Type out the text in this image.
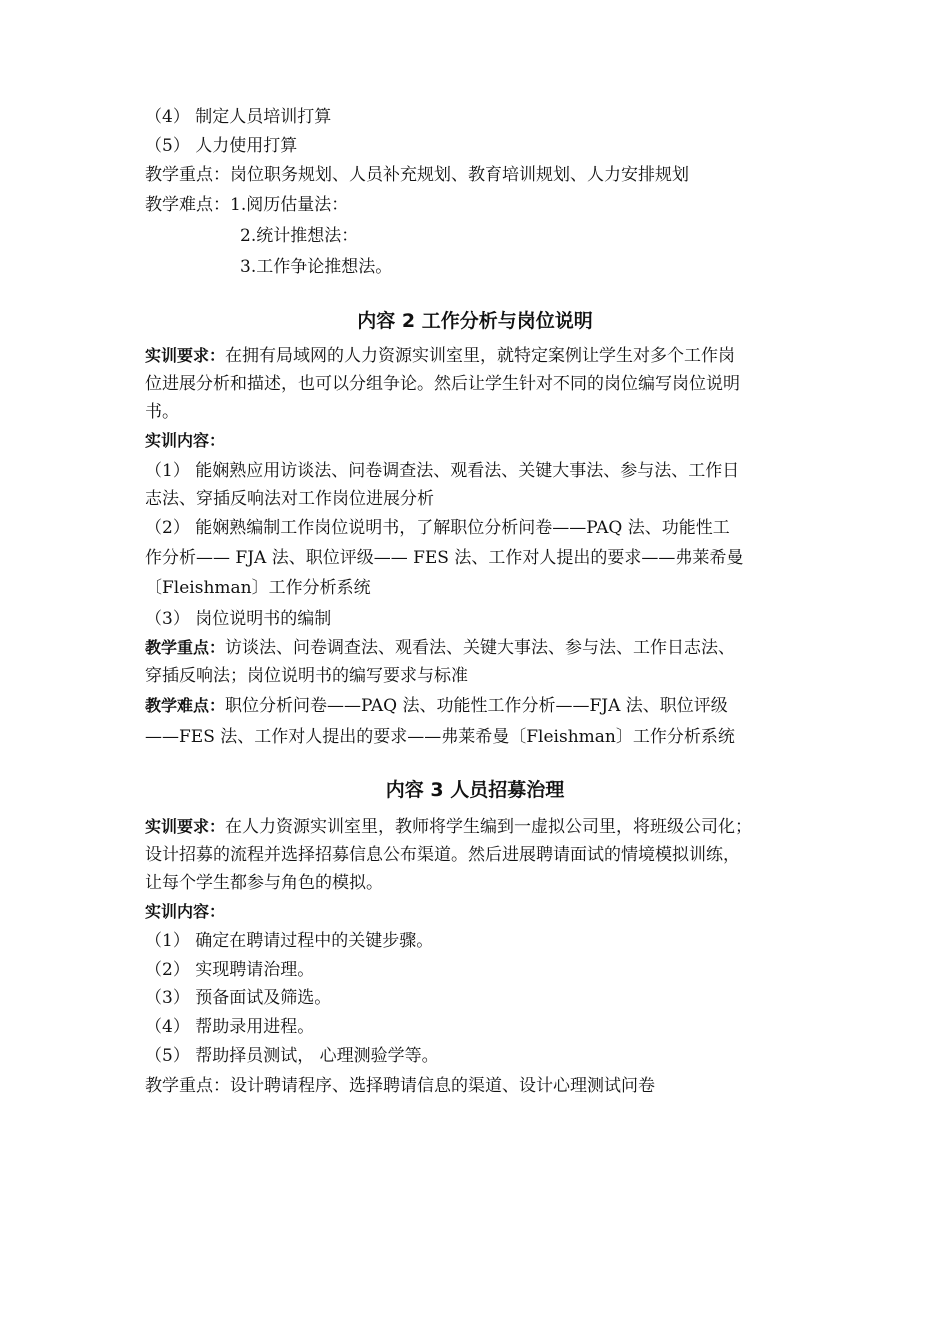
（4） 制定人员培训打算
（5） 人力使用打算
教学重点：岗位职务规划、人员补充规划、教育培训规划、人力安排规划
教学难点：1.阅历估量法：
2.统计推想法：
3.工作争论推想法。
内容 2 工作分析与岗位说明
实训要求：在拥有局域网的人力资源实训室里，就特定案例让学生对多个工作岗
位进展分析和描述，也可以分组争论。然后让学生针对不同的岗位编写岗位说明
书。
实训内容：
（1） 能娴熟应用访谈法、问卷调查法、观看法、关键大事法、参与法、工作日
志法、穿插反响法对工作岗位进展分析
（2） 能娴熟编制工作岗位说明书，了解职位分析问卷——PAQ 法、功能性工
作分析—— FJA 法、职位评级—— FES 法、工作对人提出的要求——弗莱希曼
〔Fleishman〕工作分析系统
（3） 岗位说明书的编制
教学重点：访谈法、问卷调查法、观看法、关键大事法、参与法、工作日志法、
穿插反响法；岗位说明书的编写要求与标准
教学难点：职位分析问卷——PAQ 法、功能性工作分析——FJA 法、职位评级
——FES 法、工作对人提出的要求——弗莱希曼〔Fleishman〕工作分析系统
内容 3 人员招募治理
实训要求：在人力资源实训室里，教师将学生编到一虚拟公司里，将班级公司化；
设计招募的流程并选择招募信息公布渠道。然后进展聘请面试的情境模拟训练，
让每个学生都参与角色的模拟。
实训内容：
（1） 确定在聘请过程中的关键步骤。
（2） 实现聘请治理。
（3） 预备面试及筛选。
（4） 帮助录用进程。
（5） 帮助择员测试， 心理测验学等。
教学重点：设计聘请程序、选择聘请信息的渠道、设计心理测试问卷
